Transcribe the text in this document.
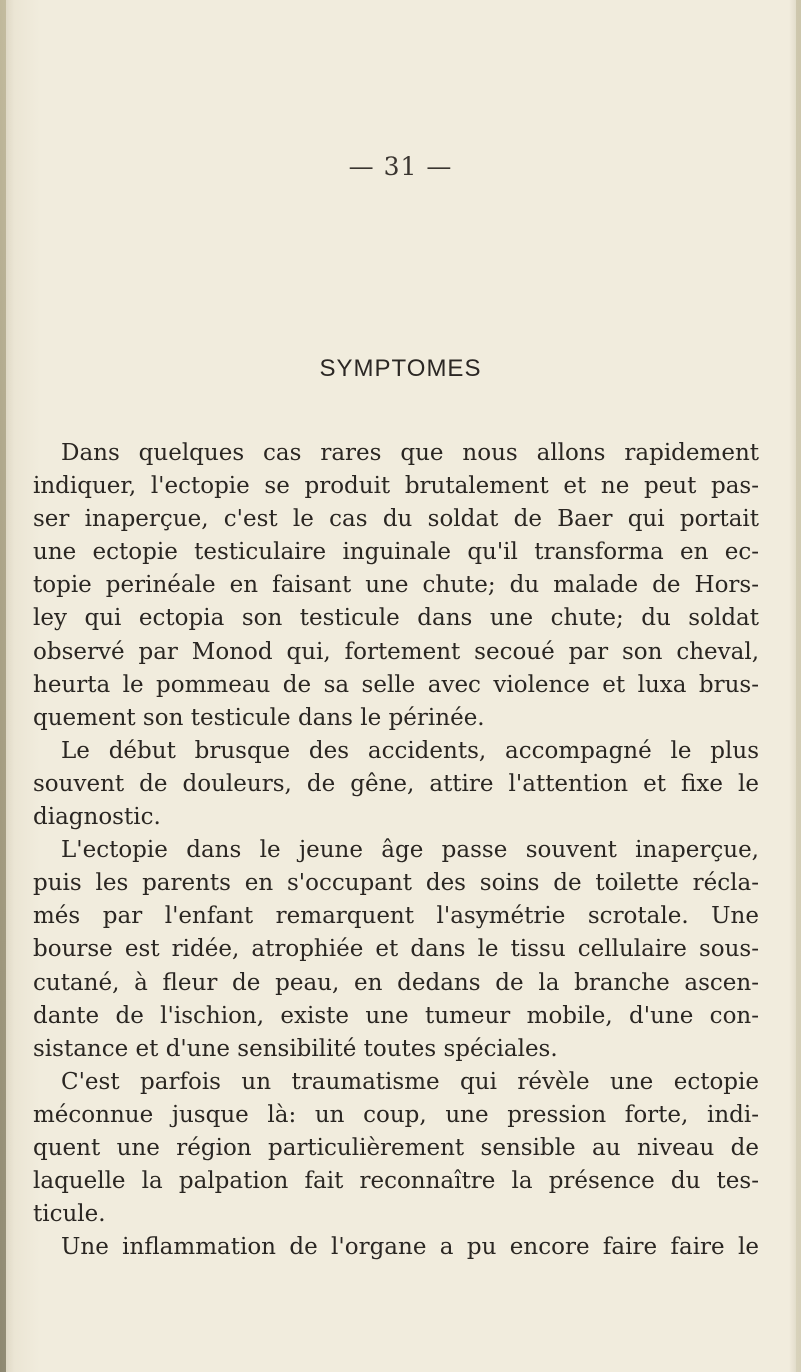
— 31 —
SYMPTOMES
Dans quelques cas rares que nous allons rapidement
indiquer, l'ectopie se produit brutalement et ne peut pas-
ser inaperçue, c'est le cas du soldat de Baer qui portait
une ectopie testiculaire inguinale qu'il transforma en ec-
topie perinéale en faisant une chute; du malade de Hors-
ley qui ectopia son testicule dans une chute; du soldat
observé par Monod qui, fortement secoué par son cheval,
heurta le pommeau de sa selle avec violence et luxa brus-
quement son testicule dans le périnée.
Le début brusque des accidents, accompagné le plus
souvent de douleurs, de gêne, attire l'attention et fixe le
diagnostic.
L'ectopie dans le jeune âge passe souvent inaperçue,
puis les parents en s'occupant des soins de toilette récla-
més par l'enfant remarquent l'asymétrie scrotale. Une
bourse est ridée, atrophiée et dans le tissu cellulaire sous-
cutané, à fleur de peau, en dedans de la branche ascen-
dante de l'ischion, existe une tumeur mobile, d'une con-
sistance et d'une sensibilité toutes spéciales.
C'est parfois un traumatisme qui révèle une ectopie
méconnue jusque là: un coup, une pression forte, indi-
quent une région particulièrement sensible au niveau de
laquelle la palpation fait reconnaître la présence du tes-
ticule.
Une inflammation de l'organe a pu encore faire faire le
